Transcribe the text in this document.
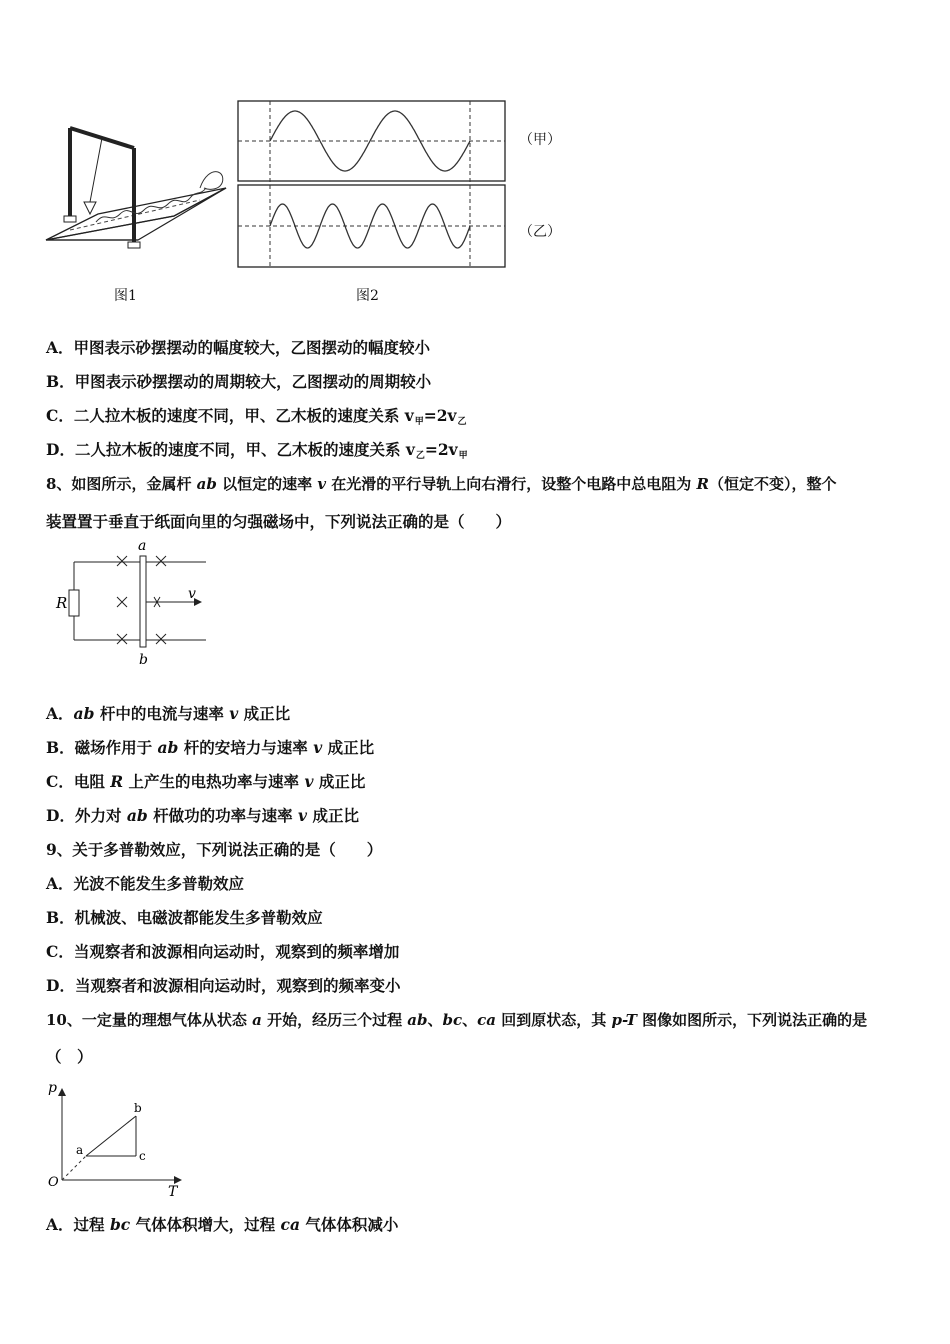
图1
（甲）
（乙）
图2
A．甲图表示砂摆摆动的幅度较大，乙图摆动的幅度较小
B．甲图表示砂摆摆动的周期较大，乙图摆动的周期较小
C．二人拉木板的速度不同，甲、乙木板的速度关系 v甲=2v乙
D．二人拉木板的速度不同，甲、乙木板的速度关系 v乙=2v甲
8、如图所示，金属杆 ab 以恒定的速率 v 在光滑的平行导轨上向右滑行，设整个电路中总电阻为 R（恒定不变），整个
装置置于垂直于纸面向里的匀强磁场中，下列说法正确的是（　　）
R
a
b
v
A．ab 杆中的电流与速率 v 成正比
B．磁场作用于 ab 杆的安培力与速率 v 成正比
C．电阻 R 上产生的电热功率与速率 v 成正比
D．外力对 ab 杆做功的功率与速率 v 成正比
9、关于多普勒效应，下列说法正确的是（　　）
A．光波不能发生多普勒效应
B．机械波、电磁波都能发生多普勒效应
C．当观察者和波源相向运动时，观察到的频率增加
D．当观察者和波源相向运动时，观察到的频率变小
10、一定量的理想气体从状态 a 开始，经历三个过程 ab、bc、ca 回到原状态，其 p-T 图像如图所示，下列说法正确的是
（　）
p
T
O
a
b
c
A．过程 bc 气体体积增大，过程 ca 气体体积减小
